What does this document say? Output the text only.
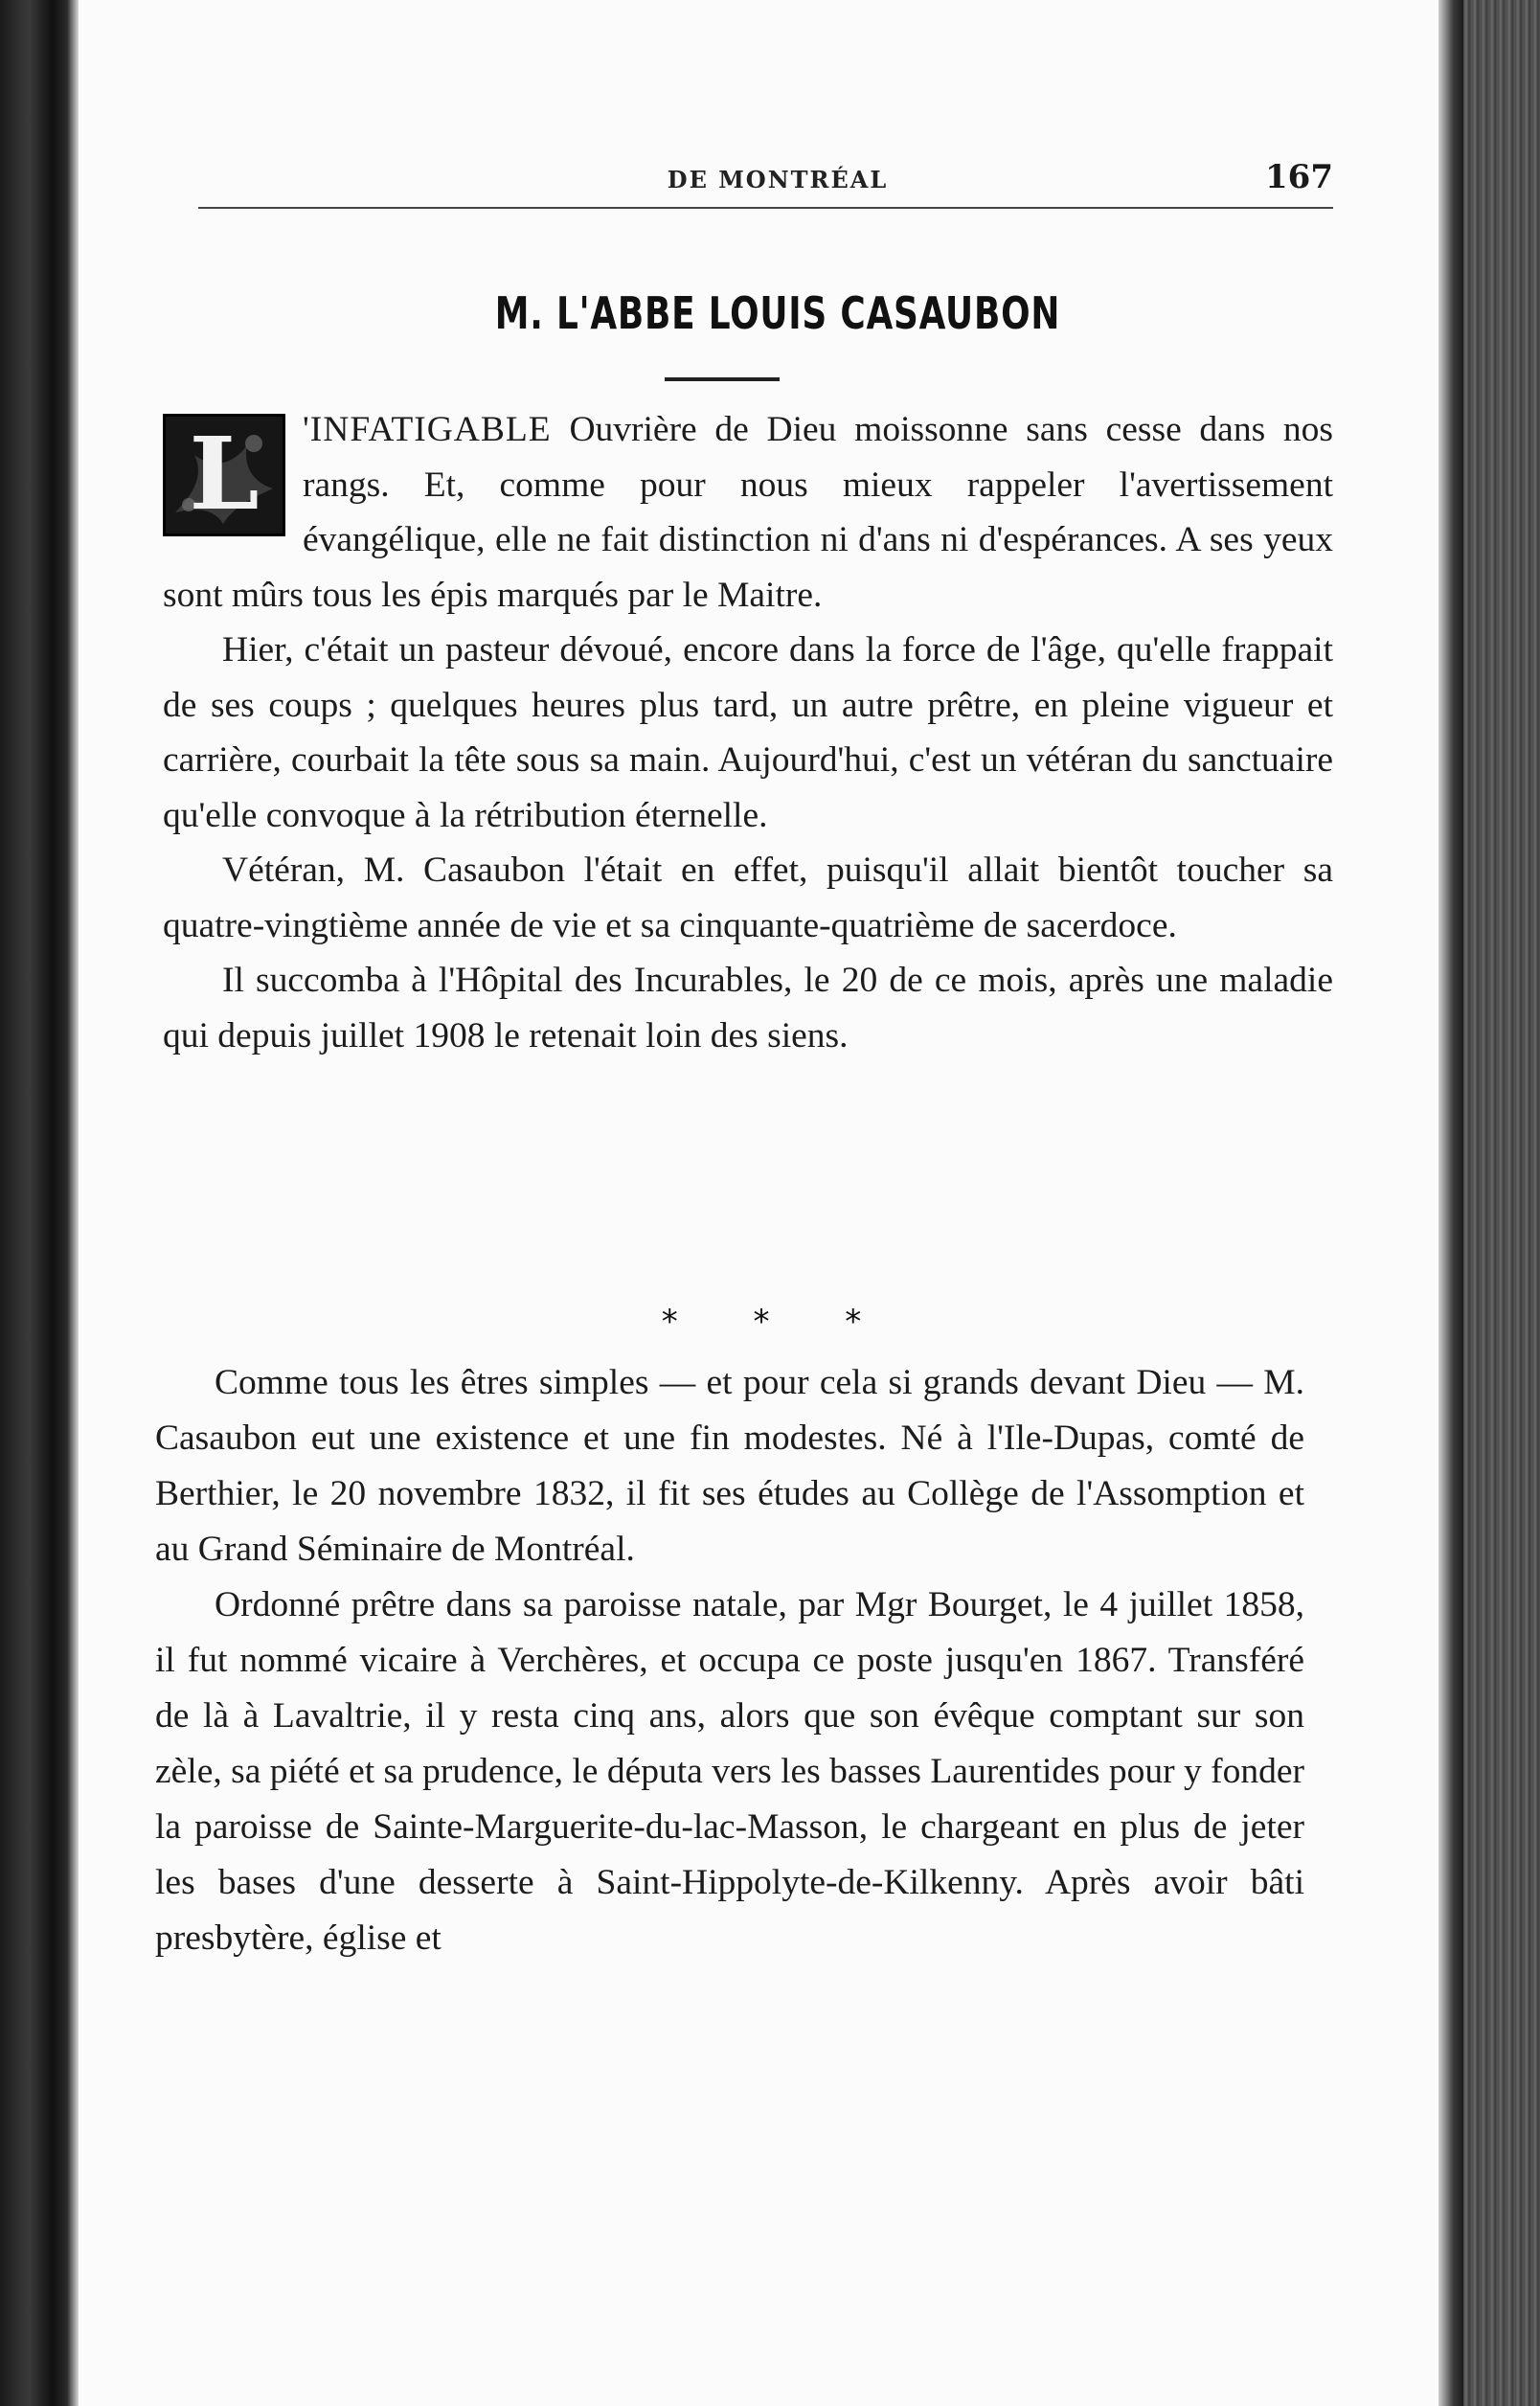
DE MONTRÉAL	167
M. L'ABBE LOUIS CASAUBON

L	'INFATIGABLE Ouvrière de Dieu moissonne sans cesse dans nos rangs. Et, comme pour nous mieux rappeler l'avertissement évangélique, elle ne fait distinction ni d'ans ni d'espérances. A ses yeux sont mûrs tous les épis marqués par le Maitre.

Hier, c'était un pasteur dévoué, encore dans la force de l'âge, qu'elle frappait de ses coups ; quelques heures plus tard, un autre prêtre, en pleine vigueur et carrière, courbait la tête sous sa main. Aujourd'hui, c'est un vétéran du sanctuaire qu'elle convoque à la rétribution éternelle.

Vétéran, M. Casaubon l'était en effet, puisqu'il allait bientôt toucher sa quatre-vingtième année de vie et sa cinquante-quatrième de sacerdoce.

Il succomba à l'Hôpital des Incurables, le 20 de ce mois, après une maladie qui depuis juillet 1908 le retenait loin des siens.

* * *

Comme tous les êtres simples — et pour cela si grands devant Dieu — M. Casaubon eut une existence et une fin modestes. Né à l'Ile-Dupas, comté de Berthier, le 20 novembre 1832, il fit ses études au Collège de l'Assomption et au Grand Séminaire de Montréal.

Ordonné prêtre dans sa paroisse natale, par Mgr Bourget, le 4 juillet 1858, il fut nommé vicaire à Verchères, et occupa ce poste jusqu'en 1867. Transféré de là à Lavaltrie, il y resta cinq ans, alors que son évêque comptant sur son zèle, sa piété et sa prudence, le députa vers les basses Laurentides pour y fonder la paroisse de Sainte-Marguerite-du-lac-Masson, le chargeant en plus de jeter les bases d'une desserte à Saint-Hippolyte-de-Kilkenny. Après avoir bâti presbytère, église et
